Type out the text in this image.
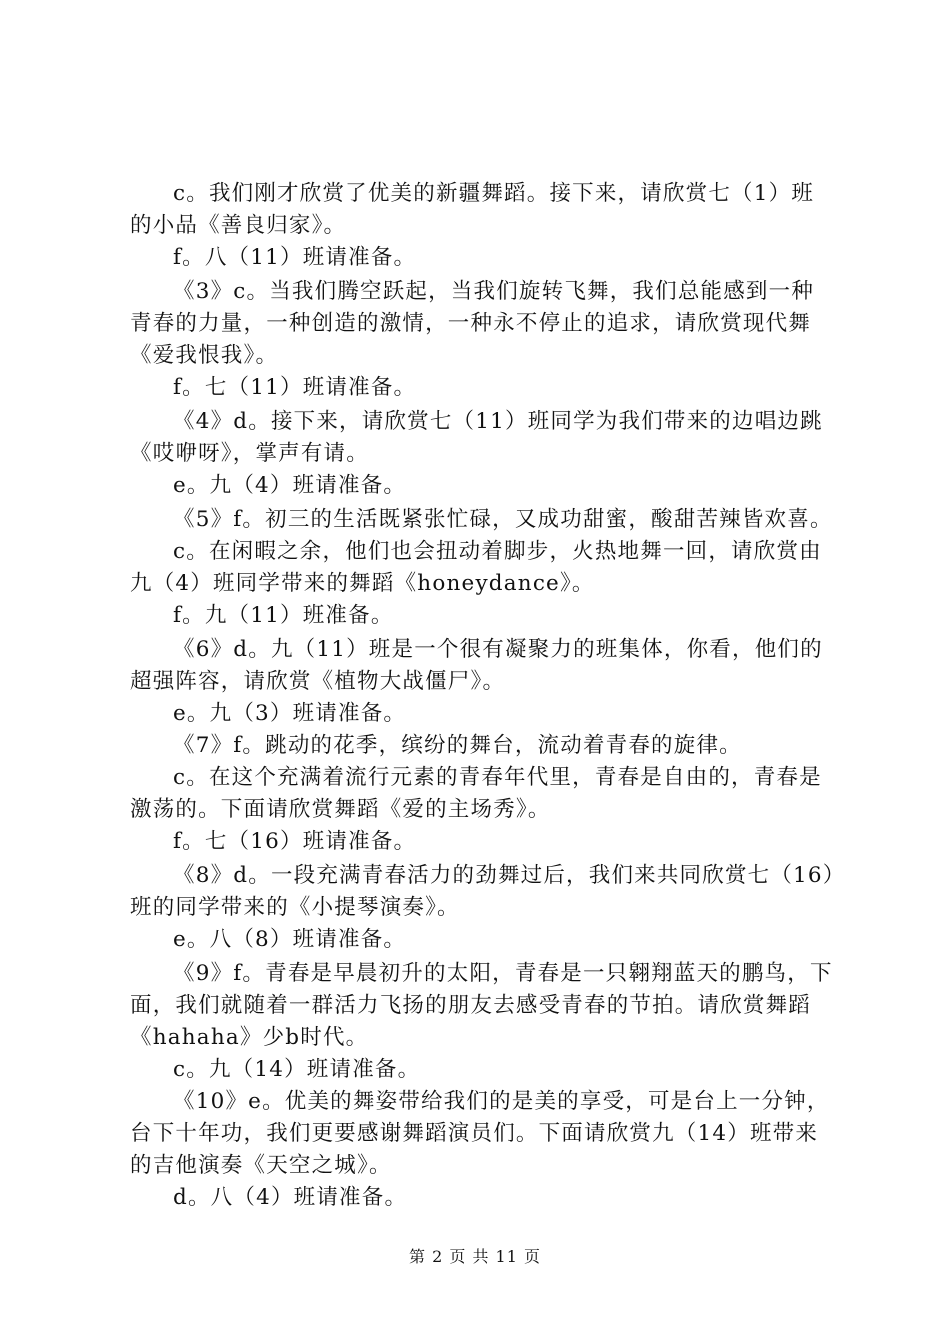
c。我们刚才欣赏了优美的新疆舞蹈。接下来，请欣赏七（1）班的小品《善良归家》。

f。八（11）班请准备。

《3》c。当我们腾空跃起，当我们旋转飞舞，我们总能感到一种青春的力量，一种创造的激情，一种永不停止的追求，请欣赏现代舞《爱我恨我》。

f。七（11）班请准备。

《4》d。接下来，请欣赏七（11）班同学为我们带来的边唱边跳《哎咿呀》，掌声有请。

e。九（4）班请准备。

《5》f。初三的生活既紧张忙碌，又成功甜蜜，酸甜苦辣皆欢喜。

c。在闲暇之余，他们也会扭动着脚步，火热地舞一回，请欣赏由九（4）班同学带来的舞蹈《honeydance》。

f。九（11）班准备。

《6》d。九（11）班是一个很有凝聚力的班集体，你看，他们的超强阵容，请欣赏《植物大战僵尸》。

e。九（3）班请准备。

《7》f。跳动的花季，缤纷的舞台，流动着青春的旋律。

c。在这个充满着流行元素的青春年代里，青春是自由的，青春是激荡的。下面请欣赏舞蹈《爱的主场秀》。

f。七（16）班请准备。

《8》d。一段充满青春活力的劲舞过后，我们来共同欣赏七（16）班的同学带来的《小提琴演奏》。

e。八（8）班请准备。

《9》f。青春是早晨初升的太阳，青春是一只翱翔蓝天的鹏鸟，下面，我们就随着一群活力飞扬的朋友去感受青春的节拍。请欣赏舞蹈《hahaha》少b时代。

c。九（14）班请准备。

《10》e。优美的舞姿带给我们的是美的享受，可是台上一分钟，台下十年功，我们更要感谢舞蹈演员们。下面请欣赏九（14）班带来的吉他演奏《天空之城》。

d。八（4）班请准备。

第 2 页 共 11 页
